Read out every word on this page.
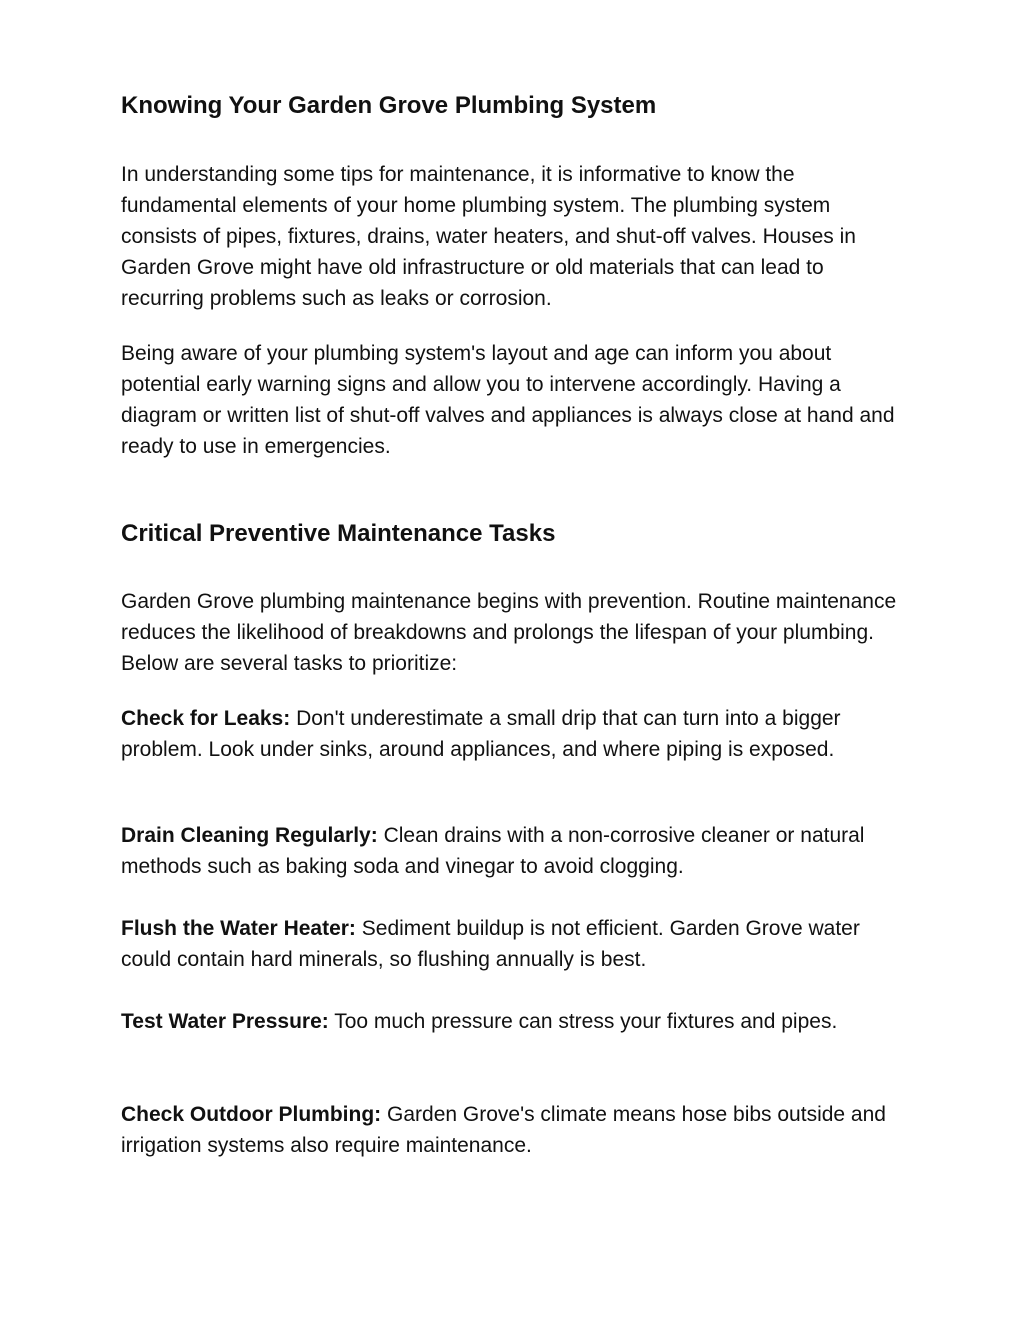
Knowing Your Garden Grove Plumbing System

In understanding some tips for maintenance, it is informative to know the fundamental elements of your home plumbing system. The plumbing system consists of pipes, fixtures, drains, water heaters, and shut-off valves. Houses in Garden Grove might have old infrastructure or old materials that can lead to recurring problems such as leaks or corrosion.

Being aware of your plumbing system's layout and age can inform you about potential early warning signs and allow you to intervene accordingly. Having a diagram or written list of shut-off valves and appliances is always close at hand and ready to use in emergencies.

Critical Preventive Maintenance Tasks

Garden Grove plumbing maintenance begins with prevention. Routine maintenance reduces the likelihood of breakdowns and prolongs the lifespan of your plumbing. Below are several tasks to prioritize:

Check for Leaks: Don't underestimate a small drip that can turn into a bigger problem. Look under sinks, around appliances, and where piping is exposed.

Drain Cleaning Regularly: Clean drains with a non-corrosive cleaner or natural methods such as baking soda and vinegar to avoid clogging.

Flush the Water Heater: Sediment buildup is not efficient. Garden Grove water could contain hard minerals, so flushing annually is best.

Test Water Pressure: Too much pressure can stress your fixtures and pipes.

Check Outdoor Plumbing: Garden Grove's climate means hose bibs outside and irrigation systems also require maintenance.
